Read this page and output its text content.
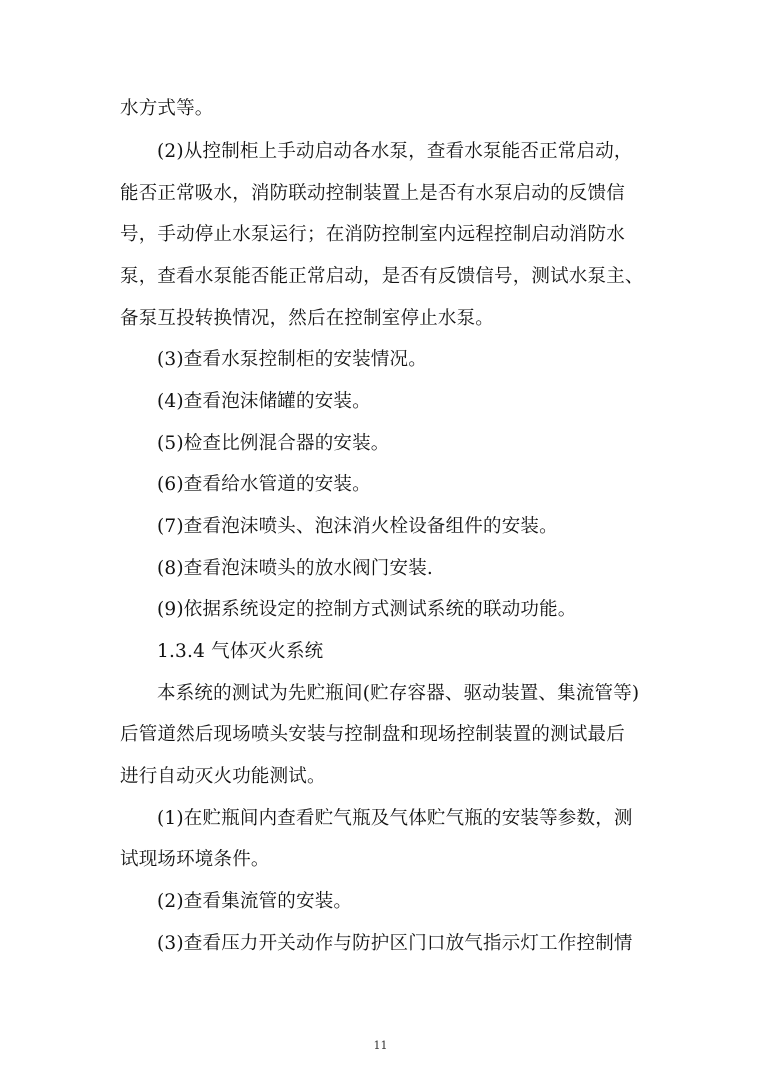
水方式等。
(2)从控制柜上手动启动各水泵，查看水泵能否正常启动，
能否正常吸水，消防联动控制装置上是否有水泵启动的反馈信
号，手动停止水泵运行；在消防控制室内远程控制启动消防水
泵，查看水泵能否能正常启动，是否有反馈信号，测试水泵主、
备泵互投转换情况，然后在控制室停止水泵。
(3)查看水泵控制柜的安装情况。
(4)查看泡沫储罐的安装。
(5)检查比例混合器的安装。
(6)查看给水管道的安装。
(7)查看泡沫喷头、泡沫消火栓设备组件的安装。
(8)查看泡沫喷头的放水阀门安装.
(9)依据系统设定的控制方式测试系统的联动功能。
1.3.4 气体灭火系统
本系统的测试为先贮瓶间(贮存容器、驱动装置、集流管等)
后管道然后现场喷头安装与控制盘和现场控制装置的测试最后
进行自动灭火功能测试。
(1)在贮瓶间内查看贮气瓶及气体贮气瓶的安装等参数，测
试现场环境条件。
(2)查看集流管的安装。
(3)查看压力开关动作与防护区门口放气指示灯工作控制情
11
